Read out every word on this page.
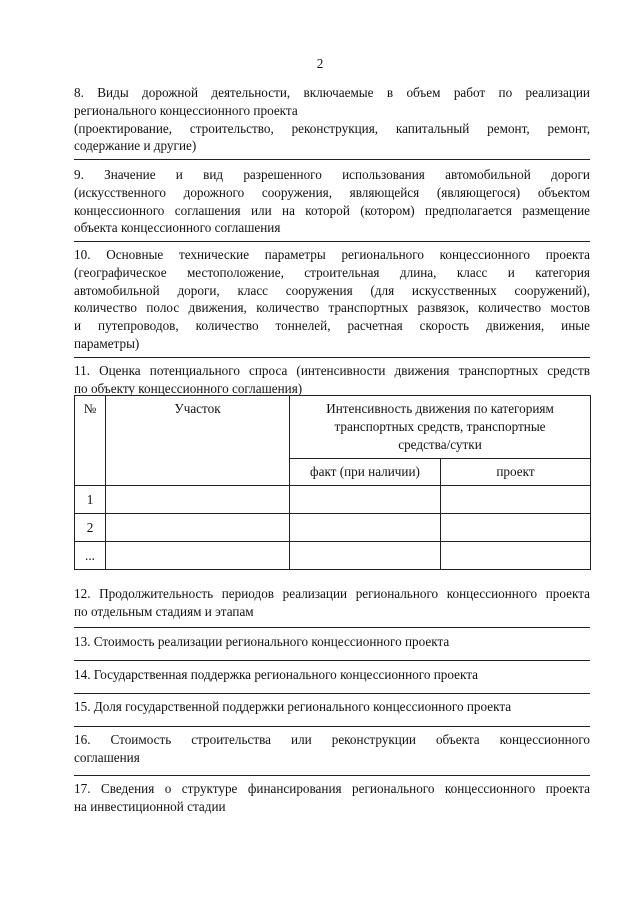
2
8. Виды дорожной деятельности, включаемые в объем работ по реализации
регионального концессионного проекта
(проектирование, строительство, реконструкция, капитальный ремонт, ремонт,
содержание и другие)
9. Значение и вид разрешенного использования автомобильной дороги
(искусственного дорожного сооружения, являющейся (являющегося) объектом
концессионного соглашения или на которой (котором) предполагается размещение
объекта концессионного соглашения
10. Основные технические параметры регионального концессионного проекта
(географическое местоположение, строительная длина, класс и категория
автомобильной дороги, класс сооружения (для искусственных сооружений),
количество полос движения, количество транспортных развязок, количество мостов
и путепроводов, количество тоннелей, расчетная скорость движения, иные
параметры)
11. Оценка потенциального спроса (интенсивности движения транспортных средств
по объекту концессионного соглашения)
№	Участок	Интенсивность движения по категориям
транспортных средств, транспортные
средства/сутки	

		факт (при наличии)	проект
1			
2			
...			
12. Продолжительность периодов реализации регионального концессионного проекта
по отдельным стадиям и этапам
13. Стоимость реализации регионального концессионного проекта
14. Государственная поддержка регионального концессионного проекта
15. Доля государственной поддержки регионального концессионного проекта
16. Стоимость строительства или реконструкции объекта концессионного
соглашения
17. Сведения о структуре финансирования регионального концессионного проекта
на инвестиционной стадии
